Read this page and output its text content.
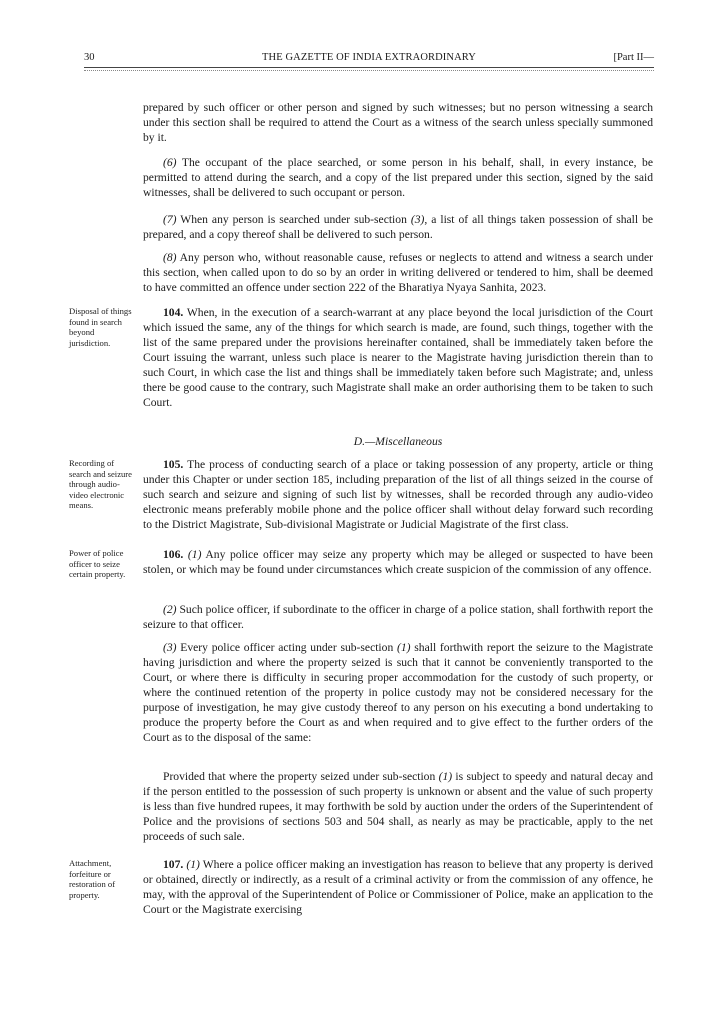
30	THE GAZETTE OF INDIA EXTRAORDINARY	[Part II—

prepared by such officer or other person and signed by such witnesses; but no person witnessing a search under this section shall be required to attend the Court as a witness of the search unless specially summoned by it.

(6) The occupant of the place searched, or some person in his behalf, shall, in every instance, be permitted to attend during the search, and a copy of the list prepared under this section, signed by the said witnesses, shall be delivered to such occupant or person.

(7) When any person is searched under sub-section (3), a list of all things taken possession of shall be prepared, and a copy thereof shall be delivered to such person.

(8) Any person who, without reasonable cause, refuses or neglects to attend and witness a search under this section, when called upon to do so by an order in writing delivered or tendered to him, shall be deemed to have committed an offence under section 222 of the Bharatiya Nyaya Sanhita, 2023.

Disposal of things found in search beyond jurisdiction.

104. When, in the execution of a search-warrant at any place beyond the local jurisdiction of the Court which issued the same, any of the things for which search is made, are found, such things, together with the list of the same prepared under the provisions hereinafter contained, shall be immediately taken before the Court issuing the warrant, unless such place is nearer to the Magistrate having jurisdiction therein than to such Court, in which case the list and things shall be immediately taken before such Magistrate; and, unless there be good cause to the contrary, such Magistrate shall make an order authorising them to be taken to such Court.

D.—Miscellaneous

Recording of search and seizure through audio-video electronic means.

105. The process of conducting search of a place or taking possession of any property, article or thing under this Chapter or under section 185, including preparation of the list of all things seized in the course of such search and seizure and signing of such list by witnesses, shall be recorded through any audio-video electronic means preferably mobile phone and the police officer shall without delay forward such recording to the District Magistrate, Sub-divisional Magistrate or Judicial Magistrate of the first class.

Power of police officer to seize certain property.

106. (1) Any police officer may seize any property which may be alleged or suspected to have been stolen, or which may be found under circumstances which create suspicion of the commission of any offence.

(2) Such police officer, if subordinate to the officer in charge of a police station, shall forthwith report the seizure to that officer.

(3) Every police officer acting under sub-section (1) shall forthwith report the seizure to the Magistrate having jurisdiction and where the property seized is such that it cannot be conveniently transported to the Court, or where there is difficulty in securing proper accommodation for the custody of such property, or where the continued retention of the property in police custody may not be considered necessary for the purpose of investigation, he may give custody thereof to any person on his executing a bond undertaking to produce the property before the Court as and when required and to give effect to the further orders of the Court as to the disposal of the same:

Provided that where the property seized under sub-section (1) is subject to speedy and natural decay and if the person entitled to the possession of such property is unknown or absent and the value of such property is less than five hundred rupees, it may forthwith be sold by auction under the orders of the Superintendent of Police and the provisions of sections 503 and 504 shall, as nearly as may be practicable, apply to the net proceeds of such sale.

Attachment, forfeiture or restoration of property.

107. (1) Where a police officer making an investigation has reason to believe that any property is derived or obtained, directly or indirectly, as a result of a criminal activity or from the commission of any offence, he may, with the approval of the Superintendent of Police or Commissioner of Police, make an application to the Court or the Magistrate exercising
